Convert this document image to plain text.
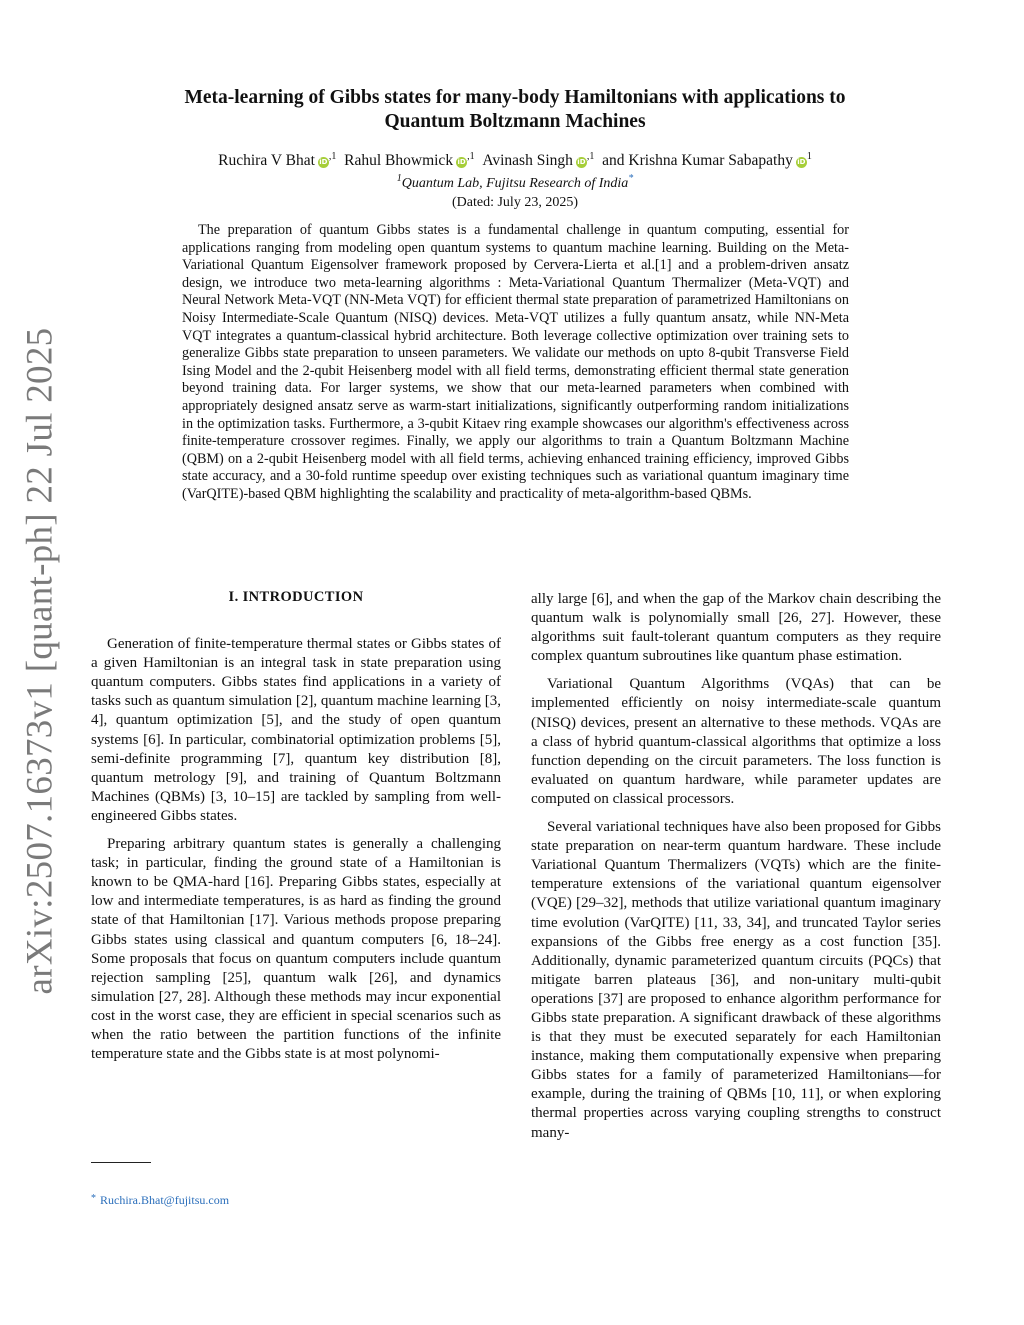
arXiv:2507.16373v1 [quant-ph] 22 Jul 2025
Meta-learning of Gibbs states for many-body Hamiltonians with applications to
Quantum Boltzmann Machines
Ruchira V Bhat $iD^{,1}$ Rahul Bhowmick $iD^{,1}$ Avinash Singh $iD^{,1}$ and Krishna Kumar Sabapathy $iD^1$
$^1$Quantum Lab, Fujitsu Research of India*
(Dated: July 23, 2025)

The preparation of quantum Gibbs states is a fundamental challenge in quantum computing, essential for applications ranging from modeling open quantum systems to quantum machine learning. Building on the Meta-Variational Quantum Eigensolver framework proposed by Cervera-Lierta et al.[1] and a problem-driven ansatz design, we introduce two meta-learning algorithms : Meta-Variational Quantum Thermalizer (Meta-VQT) and Neural Network Meta-VQT (NN-Meta VQT) for efficient thermal state preparation of parametrized Hamiltonians on Noisy Intermediate-Scale Quantum (NISQ) devices. Meta-VQT utilizes a fully quantum ansatz, while NN-Meta VQT integrates a quantum-classical hybrid architecture. Both leverage collective optimization over training sets to generalize Gibbs state preparation to unseen parameters. We validate our methods on upto 8-qubit Transverse Field Ising Model and the 2-qubit Heisenberg model with all field terms, demonstrating efficient thermal state generation beyond training data. For larger systems, we show that our meta-learned parameters when combined with appropriately designed ansatz serve as warm-start initializations, significantly outperforming random initializations in the optimization tasks. Furthermore, a 3-qubit Kitaev ring example showcases our algorithm's effectiveness across finite-temperature crossover regimes. Finally, we apply our algorithms to train a Quantum Boltzmann Machine (QBM) on a 2-qubit Heisenberg model with all field terms, achieving enhanced training efficiency, improved Gibbs state accuracy, and a 30-fold runtime speedup over existing techniques such as variational quantum imaginary time (VarQITE)-based QBM highlighting the scalability and practicality of meta-algorithm-based QBMs.

I. INTRODUCTION

Generation of finite-temperature thermal states or Gibbs states of a given Hamiltonian is an integral task in state preparation using quantum computers. Gibbs states find applications in a variety of tasks such as quantum simulation [2], quantum machine learning [3, 4], quantum optimization [5], and the study of open quantum systems [6]. In particular, combinatorial optimization problems [5], semi-definite programming [7], quantum key distribution [8], quantum metrology [9], and training of Quantum Boltzmann Machines (QBMs) [3, 10–15] are tackled by sampling from well-engineered Gibbs states.

Preparing arbitrary quantum states is generally a challenging task; in particular, finding the ground state of a Hamiltonian is known to be QMA-hard [16]. Preparing Gibbs states, especially at low and intermediate temperatures, is as hard as finding the ground state of that Hamiltonian [17]. Various methods propose preparing Gibbs states using classical and quantum computers [6, 18–24]. Some proposals that focus on quantum computers include quantum rejection sampling [25], quantum walk [26], and dynamics simulation [27, 28]. Although these methods may incur exponential cost in the worst case, they are efficient in special scenarios such as when the ratio between the partition functions of the infinite temperature state and the Gibbs state is at most polynomi-

ally large [6], and when the gap of the Markov chain describing the quantum walk is polynomially small [26, 27]. However, these algorithms suit fault-tolerant quantum computers as they require complex quantum subroutines like quantum phase estimation.

Variational Quantum Algorithms (VQAs) that can be implemented efficiently on noisy intermediate-scale quantum (NISQ) devices, present an alternative to these methods. VQAs are a class of hybrid quantum-classical algorithms that optimize a loss function depending on the circuit parameters. The loss function is evaluated on quantum hardware, while parameter updates are computed on classical processors.

Several variational techniques have also been proposed for Gibbs state preparation on near-term quantum hardware. These include Variational Quantum Thermalizers (VQTs) which are the finite-temperature extensions of the variational quantum eigensolver (VQE) [29–32], methods that utilize variational quantum imaginary time evolution (VarQITE) [11, 33, 34], and truncated Taylor series expansions of the Gibbs free energy as a cost function [35]. Additionally, dynamic parameterized quantum circuits (PQCs) that mitigate barren plateaus [36], and non-unitary multi-qubit operations [37] are proposed to enhance algorithm performance for Gibbs state preparation. A significant drawback of these algorithms is that they must be executed separately for each Hamiltonian instance, making them computationally expensive when preparing Gibbs states for a family of parameterized Hamiltonians—for example, during the training of QBMs [10, 11], or when exploring thermal properties across varying coupling strengths to construct many-

* Ruchira.Bhat@fujitsu.com
